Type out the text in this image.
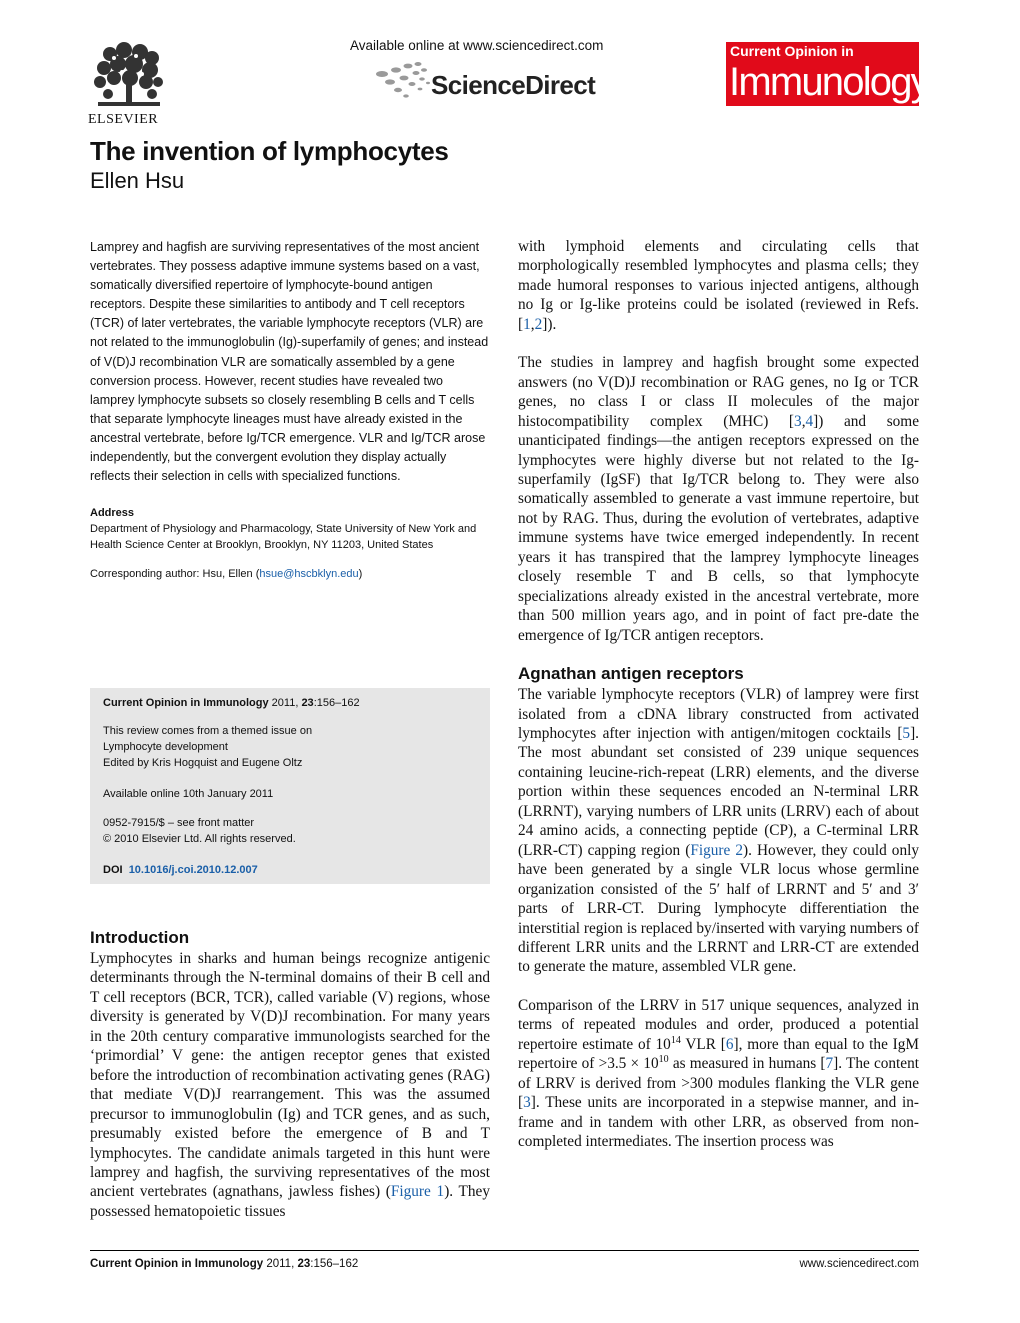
ELSEVIER
Available online at www.sciencedirect.com
ScienceDirect
Current Opinion in
Immunology
The invention of lymphocytes
Ellen Hsu

Lamprey and hagfish are surviving representatives of the most ancient vertebrates. They possess adaptive immune systems based on a vast, somatically diversified repertoire of lymphocyte-bound antigen receptors. Despite these similarities to antibody and T cell receptors (TCR) of later vertebrates, the variable lymphocyte receptors (VLR) are not related to the immunoglobulin (Ig)-superfamily of genes; and instead of V(D)J recombination VLR are somatically assembled by a gene conversion process. However, recent studies have revealed two lamprey lymphocyte subsets so closely resembling B cells and T cells that separate lymphocyte lineages must have already existed in the ancestral vertebrate, before Ig/TCR emergence. VLR and Ig/TCR arose independently, but the convergent evolution they display actually reflects their selection in cells with specialized functions.

Address

Department of Physiology and Pharmacology, State University of New York and Health Science Center at Brooklyn, Brooklyn, NY 11203, United States

Corresponding author: Hsu, Ellen (hsue@hscbklyn.edu)

Current Opinion in Immunology 2011, 23:156–162

This review comes from a themed issue on

Lymphocyte development

Edited by Kris Hogquist and Eugene Oltz

Available online 10th January 2011

0952-7915/$ – see front matter

© 2010 Elsevier Ltd. All rights reserved.

DOI 10.1016/j.coi.2010.12.007

Introduction

Lymphocytes in sharks and human beings recognize antigenic determinants through the N-terminal domains of their B cell and T cell receptors (BCR, TCR), called variable (V) regions, whose diversity is generated by V(D)J recombination. For many years in the 20th century comparative immunologists searched for the ‘primordial’ V gene: the antigen receptor genes that existed before the introduction of recombination activating genes (RAG) that mediate V(D)J rearrangement. This was the assumed precursor to immunoglobulin (Ig) and TCR genes, and as such, presumably existed before the emergence of B and T lymphocytes. The candidate animals targeted in this hunt were lamprey and hagfish, the surviving representatives of the most ancient vertebrates (agnathans, jawless fishes) (Figure 1). They possessed hematopoietic tissues

with lymphoid elements and circulating cells that morphologically resembled lymphocytes and plasma cells; they made humoral responses to various injected antigens, although no Ig or Ig-like proteins could be isolated (reviewed in Refs. [1,2]).

The studies in lamprey and hagfish brought some expected answers (no V(D)J recombination or RAG genes, no Ig or TCR genes, no class I or class II molecules of the major histocompatibility complex (MHC) [3,4]) and some unanticipated findings—the antigen receptors expressed on the lymphocytes were highly diverse but not related to the Ig-superfamily (IgSF) that Ig/TCR belong to. They were also somatically assembled to generate a vast immune repertoire, but not by RAG. Thus, during the evolution of vertebrates, adaptive immune systems have twice emerged independently. In recent years it has transpired that the lamprey lymphocyte lineages closely resemble T and B cells, so that lymphocyte specializations already existed in the ancestral vertebrate, more than 500 million years ago, and in point of fact pre-date the emergence of Ig/TCR antigen receptors.

Agnathan antigen receptors

The variable lymphocyte receptors (VLR) of lamprey were first isolated from a cDNA library constructed from activated lymphocytes after injection with antigen/mitogen cocktails [5]. The most abundant set consisted of 239 unique sequences containing leucine-rich-repeat (LRR) elements, and the diverse portion within these sequences encoded an N-terminal LRR (LRRNT), varying numbers of LRR units (LRRV) each of about 24 amino acids, a connecting peptide (CP), a C-terminal LRR (LRR-CT) capping region (Figure 2). However, they could only have been generated by a single VLR locus whose germline organization consisted of the 5′ half of LRRNT and 5′ and 3′ parts of LRR-CT. During lymphocyte differentiation the interstitial region is replaced by/inserted with varying numbers of different LRR units and the LRRNT and LRR-CT are extended to generate the mature, assembled VLR gene.

Comparison of the LRRV in 517 unique sequences, analyzed in terms of repeated modules and order, produced a potential repertoire estimate of $10^{14}$ VLR [6], more than equal to the IgM repertoire of $>3.5 \times 10^{10}$ as measured in humans [7]. The content of LRRV is derived from >300 modules flanking the VLR gene [3]. These units are incorporated in a stepwise manner, and in-frame and in tandem with other LRR, as observed from non-completed intermediates. The insertion process was

Current Opinion in Immunology 2011, 23:156–162	www.sciencedirect.com
